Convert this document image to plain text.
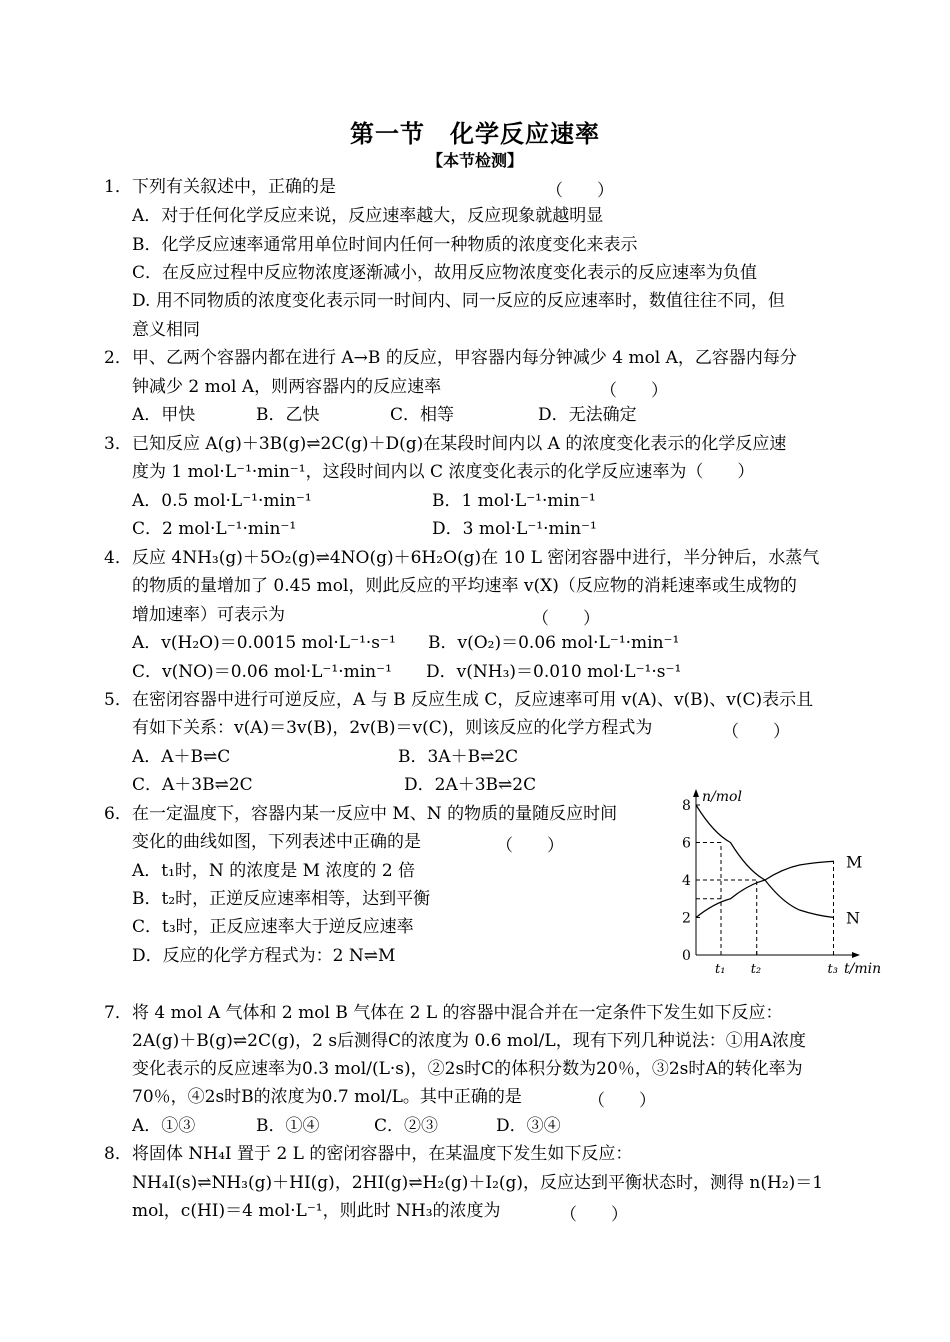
第一节　化学反应速率
【本节检测】
1． 下列有关叙述中，正确的是	（　　）
A．对于任何化学反应来说，反应速率越大，反应现象就越明显
B．化学反应速率通常用单位时间内任何一种物质的浓度变化来表示
C．在反应过程中反应物浓度逐渐减小，故用反应物浓度变化表示的反应速率为负值
D. 用不同物质的浓度变化表示同一时间内、同一反应的反应速率时，数值往往不同，但
意义相同
2． 甲、乙两个容器内都在进行 A→B 的反应，甲容器内每分钟减少 4 mol A，乙容器内每分
钟减少 2 mol A，则两容器内的反应速率	（　　）
A．甲快	B．乙快	C．相等	D．无法确定
3． 已知反应 A(g)＋3B(g)⇌2C(g)＋D(g)在某段时间内以 A 的浓度变化表示的化学反应速
度为 1 mol·L⁻¹·min⁻¹，这段时间内以 C 浓度变化表示的化学反应速率为（　　）
A．0.5 mol·L⁻¹·min⁻¹	B．1 mol·L⁻¹·min⁻¹
C．2 mol·L⁻¹·min⁻¹	D．3 mol·L⁻¹·min⁻¹
4． 反应 4NH₃(g)＋5O₂(g)⇌4NO(g)＋6H₂O(g)在 10 L 密闭容器中进行，半分钟后，水蒸气
的物质的量增加了 0.45 mol，则此反应的平均速率 v(X)（反应物的消耗速率或生成物的
增加速率）可表示为	（　　）
A．v(H₂O)＝0.0015 mol·L⁻¹·s⁻¹ B．v(O₂)＝0.06 mol·L⁻¹·min⁻¹
C．v(NO)＝0.06 mol·L⁻¹·min⁻¹ D．v(NH₃)＝0.010 mol·L⁻¹·s⁻¹
5． 在密闭容器中进行可逆反应，A 与 B 反应生成 C，反应速率可用 v(A)、v(B)、v(C)表示且
有如下关系：v(A)＝3v(B)，2v(B)＝v(C)，则该反应的化学方程式为	（　　）
A．A＋B⇌C	B．3A＋B⇌2C
C．A＋3B⇌2C	D．2A＋3B⇌2C
6． 在一定温度下，容器内某一反应中 M、N 的物质的量随反应时间
变化的曲线如图，下列表述中正确的是	（　　）
A．t₁时，N 的浓度是 M 浓度的 2 倍
B．t₂时，正逆反应速率相等，达到平衡
C．t₃时，正反应速率大于逆反应速率
D．反应的化学方程式为：2 N⇌M	0
2
4
6
8
n/mol
t/min
t₁ t₂	t₃
M
N
7． 将 4 mol A 气体和 2 mol B 气体在 2 L 的容器中混合并在一定条件下发生如下反应：
2A(g)＋B(g)⇌2C(g)，2 s后测得C的浓度为 0.6 mol/L，现有下列几种说法：①用A浓度
变化表示的反应速率为0.3 mol/(L·s)，②2s时C的体积分数为20％，③2s时A的转化率为
70％，④2s时B的浓度为0.7 mol/L。其中正确的是	（　　）
A．①③	B．①④	C．②③	D．③④
8． 将固体 NH₄I 置于 2 L 的密闭容器中，在某温度下发生如下反应：
NH₄I(s)⇌NH₃(g)＋HI(g)，2HI(g)⇌H₂(g)＋I₂(g)，反应达到平衡状态时，测得 n(H₂)＝1
mol，c(HI)＝4 mol·L⁻¹，则此时 NH₃的浓度为	（　　）
